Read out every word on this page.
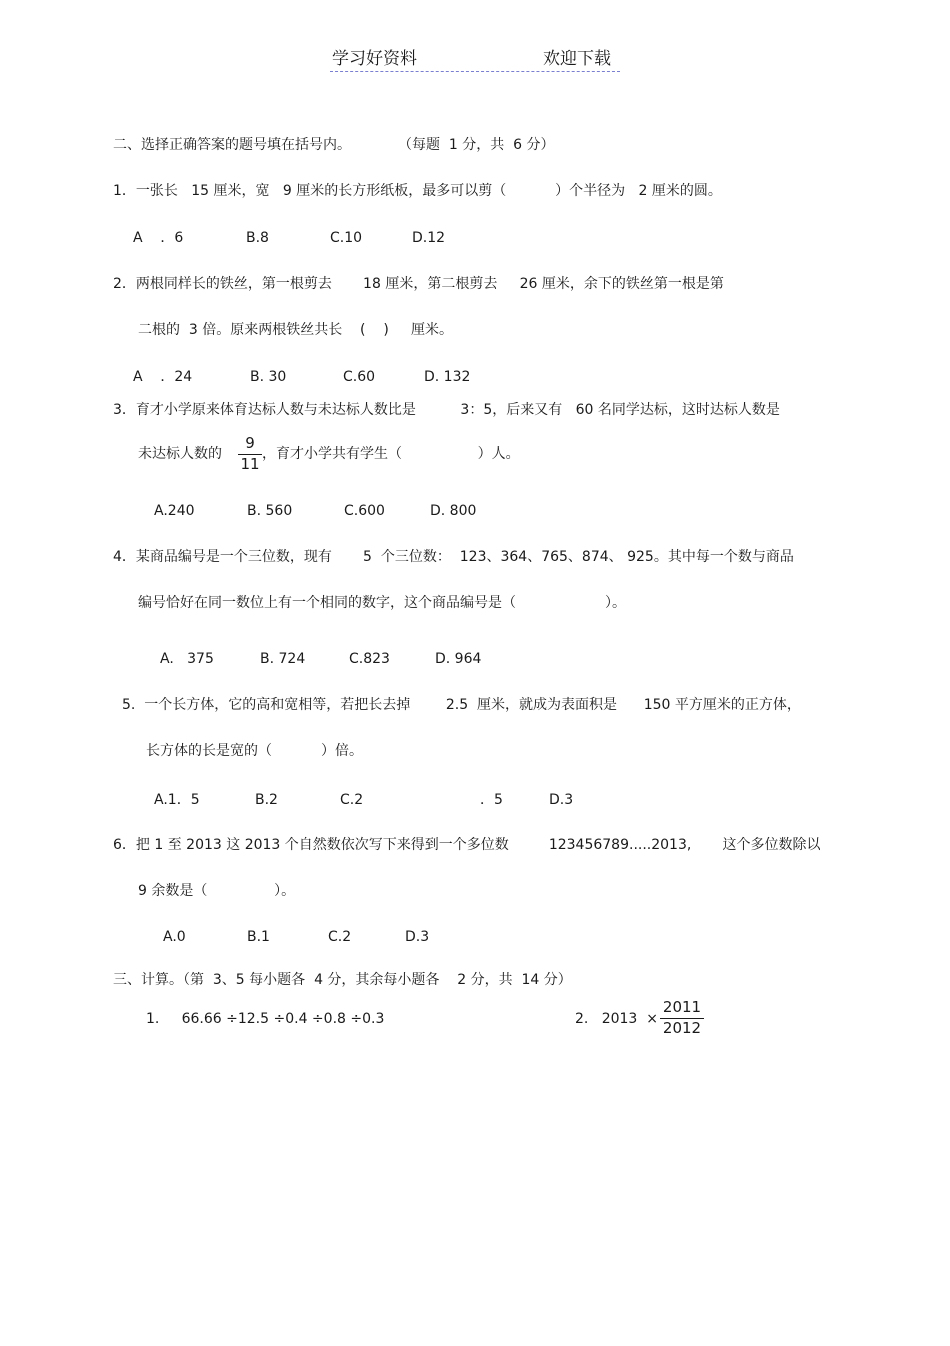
学习好资料	欢迎下载
二、选择正确答案的题号填在括号内。	（每题  1 分，共  6 分）
1．一张长   15 厘米，宽   9 厘米的长方形纸板，最多可以剪（           ）个半径为   2 厘米的圆。
A    ．6	B.8	C.10	D.12
2．两根同样长的铁丝，第一根剪去       18 厘米，第二根剪去     26 厘米，余下的铁丝第一根是第
二根的  3 倍。原来两根铁丝共长    (    )     厘米。
A    ．24	B. 30	C.60	D. 132
3．育才小学原来体育达标人数与未达标人数比是          3：5，后来又有   60 名同学达标，这时达标人数是
未达标人数的
9
11
，育才小学共有学生（                 ）人。
A.240	B. 560	C.600	D. 800
4．某商品编号是一个三位数，现有       5  个三位数：  123、364、765、874、 925。其中每一个数与商品
编号恰好在同一数位上有一个相同的数字，这个商品编号是（                    ）。
A.   375	B. 724	C.823	D. 964
5.  一个长方体，它的高和宽相等，若把长去掉        2.5  厘米，就成为表面积是      150 平方厘米的正方体，
长方体的长是宽的（           ）倍。
A.1．5	B.2	C.2	．5	D.3
6．把 1 至 2013 这 2013 个自然数依次写下来得到一个多位数         123456789.....2013,       这个多位数除以
9 余数是（               ）。
A.0	B.1	C.2	D.3
三、计算。（第  3、5 每小题各  4 分，其余每小题各    2 分，共  14 分）
1.     66.66 ÷12.5 ÷0.4 ÷0.8 ÷0.3	2.   2013  ×
2011
2012
